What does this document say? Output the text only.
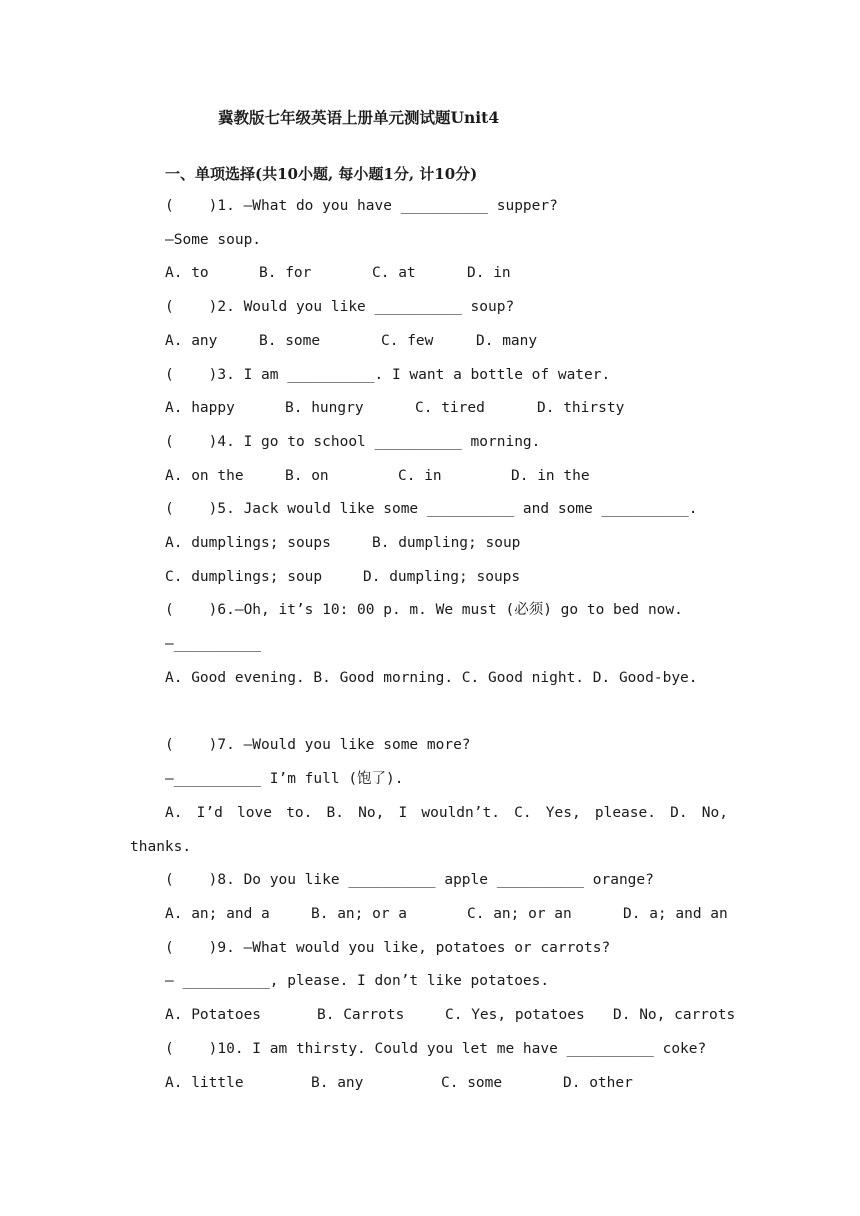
冀教版七年级英语上册单元测试题Unit4
一、单项选择(共10小题, 每小题1分, 计10分)
(    )1. —What do you have __________ supper?
—Some soup.

A. to

	B. for

	C. at

	D. in

(    )2. Would you like __________ soup?

A. any

	B. some

	C. few

	D. many

(    )3. I am __________. I want a bottle of water.

A. happy

	B. hungry

	C. tired

	D. thirsty

(    )4. I go to school __________ morning.

A. on the

	B. on

	C. in

	D. in the

(    )5. Jack would like some __________ and some __________.

A. dumplings; soups

	B. dumpling; soup

C. dumplings; soup

	D. dumpling; soups

(    )6.—Oh, it’s 10: 00 p. m. We must (必须) go to bed now.
—__________
A. Good evening. B. Good morning. C. Good night. D. Good-bye.
(    )7. —Would you like some more?
—__________ I’m full (饱了).
A. I’d love to. B. No, I wouldn’t. C. Yes, please. D. No, thanks.
(    )8. Do you like __________ apple __________ orange?

A. an; and a

	B. an; or a

	C. an; or an

	D. a; and an

(    )9. —What would you like, potatoes or carrots?
— __________, please. I don’t like potatoes.

A. Potatoes

	B. Carrots

	C. Yes, potatoes

D. No, carrots

(    )10. I am thirsty. Could you let me have __________ coke?

A. little

	B. any

	C. some

	D. other
